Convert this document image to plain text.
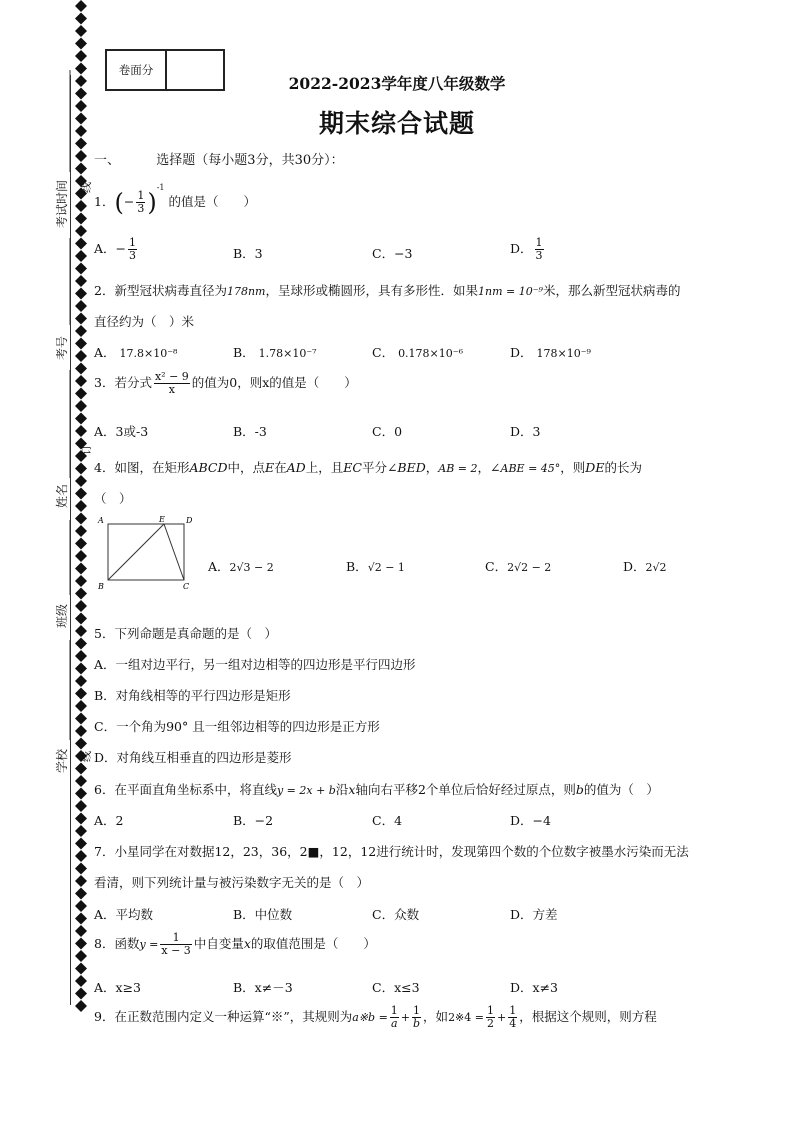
考试时间
考号
姓名
班级
学校
线
订
线
卷面分
2022-2023学年度八年级数学
期末综合试题
一、	选择题（每小题3分，共30分）：
1．(− $\frac{1}{3} )^{-1}$ 的值是（　　）
A．− $\frac{1}{3}$	B．3	C．−3	D． $\frac{1}{3}$
2．新型冠状病毒直径为178nm，呈球形或椭圆形，具有多形性．如果1nm = 10⁻⁹米，那么新型冠状病毒的
直径约为（　）米
A． 17.8×10⁻⁸	B． 1.78×10⁻⁷	C． 0.178×10⁻⁶	D． 178×10⁻⁹
3．若分式 $\frac{\text{x² − 9}}{x}$ 的值为0，则x的值是（　　）
A．3或-3	B．-3	C．0	D．3
4．如图，在矩形ABCD中，点E在AD上，且EC平分∠BED，AB = 2，∠ABE = 45°，则DE的长为
（　）
A	E	D
B	C
A．2√3 − 2	B．√2 − 1	C．2√2 − 2	D．2√2
5．下列命题是真命题的是（　）
A．一组对边平行，另一组对边相等的四边形是平行四边形
B．对角线相等的平行四边形是矩形
C．一个角为90° 且一组邻边相等的四边形是正方形
D．对角线互相垂直的四边形是菱形
6．在平面直角坐标系中，将直线y = 2x + b沿x轴向右平移2个单位后恰好经过原点，则b的值为（　）
A．2	B．−2	C．4	D．−4
7．小星同学在对数据12，23，36，2■，12，12进行统计时，发现第四个数的个位数字被墨水污染而无法
看清，则下列统计量与被污染数字无关的是（　）
A．平均数	B．中位数	C．众数	D．方差
8．函数$y = \frac{1}{x - 3}$ 中自变量x的取值范围是（　　）
A．x≥3	B．x≠－3	C．x≤3	D．x≠3
9．在正数范围内定义一种运算“※”，其规则为a※b = $\frac{1}{a} + \frac{1}{b}$ ，如2※4 = $\frac{1}{2} + \frac{1}{4}$ ，根据这个规则，则方程
